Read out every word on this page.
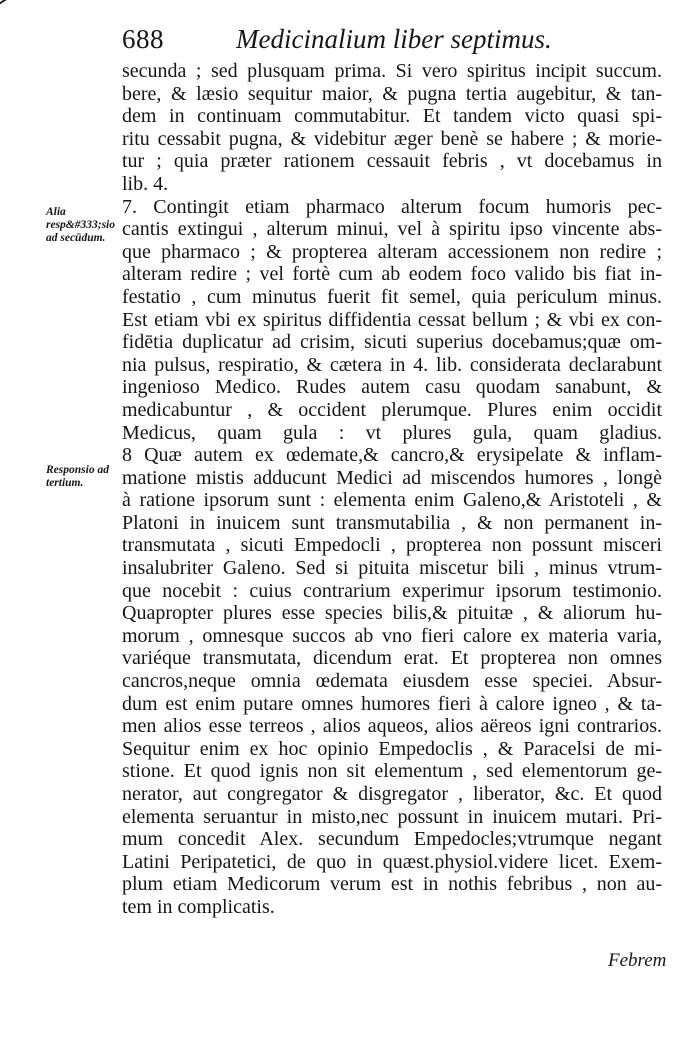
688	Medicinalium liber septimus.
Alia resp&#333;sio ad secūdum.
Responsio ad tertium.
secunda ; sed plusquam prima. Si vero spiritus incipit succum.
bere, & læsio sequitur maior, & pugna tertia augebitur, & tan-
dem in continuam commutabitur. Et tandem victo quasi spi-
ritu cessabit pugna, & videbitur æger benè se habere ; & morie-
tur ; quia præter rationem cessauit febris , vt docebamus in
lib. 4.
7. Contingit etiam pharmaco alterum focum humoris pec-
cantis extingui , alterum minui, vel à spiritu ipso vincente abs-
que pharmaco ; & propterea alteram accessionem non redire ;
alteram redire ; vel fortè cum ab eodem foco valido bis fiat in-
festatio , cum minutus fuerit fit semel, quia periculum minus.
Est etiam vbi ex spiritus diffidentia cessat bellum ; & vbi ex con-
fidētia duplicatur ad crisim, sicuti superius docebamus;quæ om-
nia pulsus, respiratio, & cætera in 4. lib. considerata declarabunt
ingenioso Medico. Rudes autem casu quodam sanabunt, &
medicabuntur , & occident plerumque. Plures enim occidit
Medicus, quam gula : vt plures gula, quam gladius.
8 Quæ autem ex œdemate,& cancro,& erysipelate & inflam-
matione mistis adducunt Medici ad miscendos humores , longè
à ratione ipsorum sunt : elementa enim Galeno,& Aristoteli , &
Platoni in inuicem sunt transmutabilia , & non permanent in-
transmutata , sicuti Empedocli , propterea non possunt misceri
insalubriter Galeno. Sed si pituita miscetur bili , minus vtrum-
que nocebit : cuius contrarium experimur ipsorum testimonio.
Quapropter plures esse species bilis,& pituitæ , & aliorum hu-
morum , omnesque succos ab vno fieri calore ex materia varia,
variéque transmutata, dicendum erat. Et propterea non omnes
cancros,neque omnia œdemata eiusdem esse speciei. Absur-
dum est enim putare omnes humores fieri à calore igneo , & ta-
men alios esse terreos , alios aqueos, alios aëreos igni contrarios.
Sequitur enim ex hoc opinio Empedoclis , & Paracelsi de mi-
stione. Et quod ignis non sit elementum , sed elementorum ge-
nerator, aut congregator & disgregator , liberator, &c. Et quod
elementa seruantur in misto,nec possunt in inuicem mutari. Pri-
mum concedit Alex. secundum Empedocles;vtrumque negant
Latini Peripatetici, de quo in quæst.physiol.videre licet. Exem-
plum etiam Medicorum verum est in nothis febribus , non au-
tem in complicatis.
Febrem
